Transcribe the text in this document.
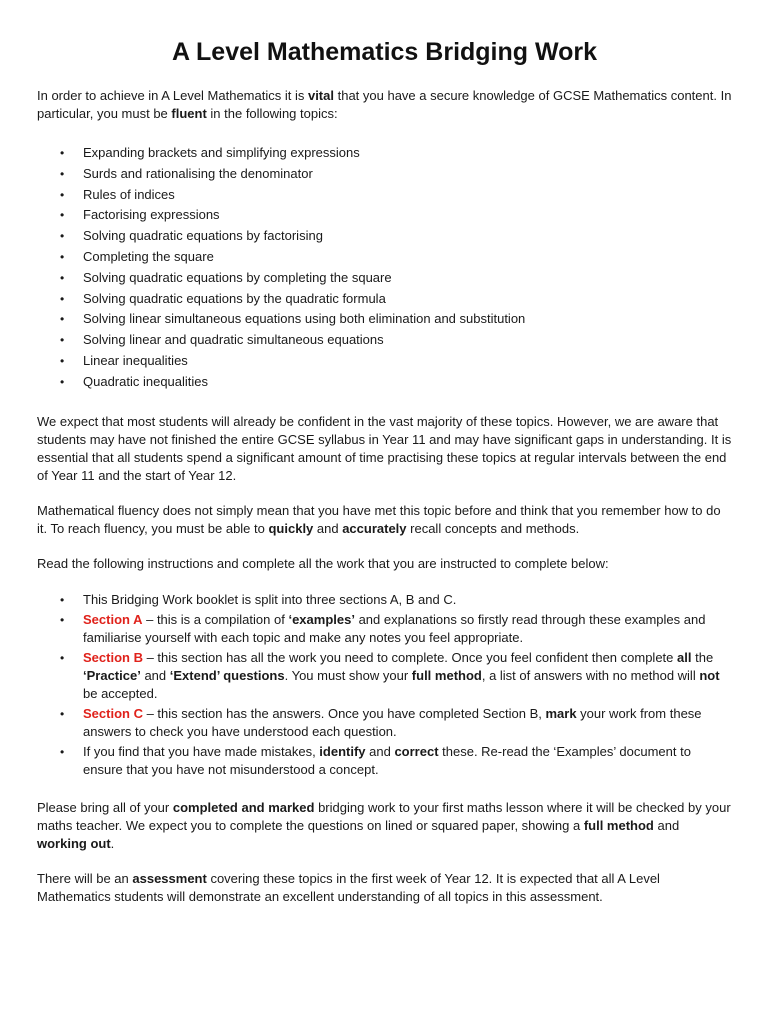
A Level Mathematics Bridging Work

In order to achieve in A Level Mathematics it is vital that you have a secure knowledge of GCSE Mathematics content. In particular, you must be fluent in the following topics:

• Expanding brackets and simplifying expressions
• Surds and rationalising the denominator
• Rules of indices
• Factorising expressions
• Solving quadratic equations by factorising
• Completing the square
• Solving quadratic equations by completing the square
• Solving quadratic equations by the quadratic formula
• Solving linear simultaneous equations using both elimination and substitution
• Solving linear and quadratic simultaneous equations
• Linear inequalities
• Quadratic inequalities

We expect that most students will already be confident in the vast majority of these topics. However, we are aware that students may have not finished the entire GCSE syllabus in Year 11 and may have significant gaps in understanding. It is essential that all students spend a significant amount of time practising these topics at regular intervals between the end of Year 11 and the start of Year 12.

Mathematical fluency does not simply mean that you have met this topic before and think that you remember how to do it. To reach fluency, you must be able to quickly and accurately recall concepts and methods.

Read the following instructions and complete all the work that you are instructed to complete below:

• This Bridging Work booklet is split into three sections A, B and C.
• Section A – this is a compilation of ‘examples’ and explanations so firstly read through these examples and familiarise yourself with each topic and make any notes you feel appropriate.
• Section B – this section has all the work you need to complete. Once you feel confident then complete all the ‘Practice’ and ‘Extend’ questions. You must show your full method, a list of answers with no method will not be accepted.
• Section C – this section has the answers. Once you have completed Section B, mark your work from these answers to check you have understood each question.
• If you find that you have made mistakes, identify and correct these. Re-read the ‘Examples’ document to ensure that you have not misunderstood a concept.

Please bring all of your completed and marked bridging work to your first maths lesson where it will be checked by your maths teacher. We expect you to complete the questions on lined or squared paper, showing a full method and working out.

There will be an assessment covering these topics in the first week of Year 12. It is expected that all A Level Mathematics students will demonstrate an excellent understanding of all topics in this assessment.
